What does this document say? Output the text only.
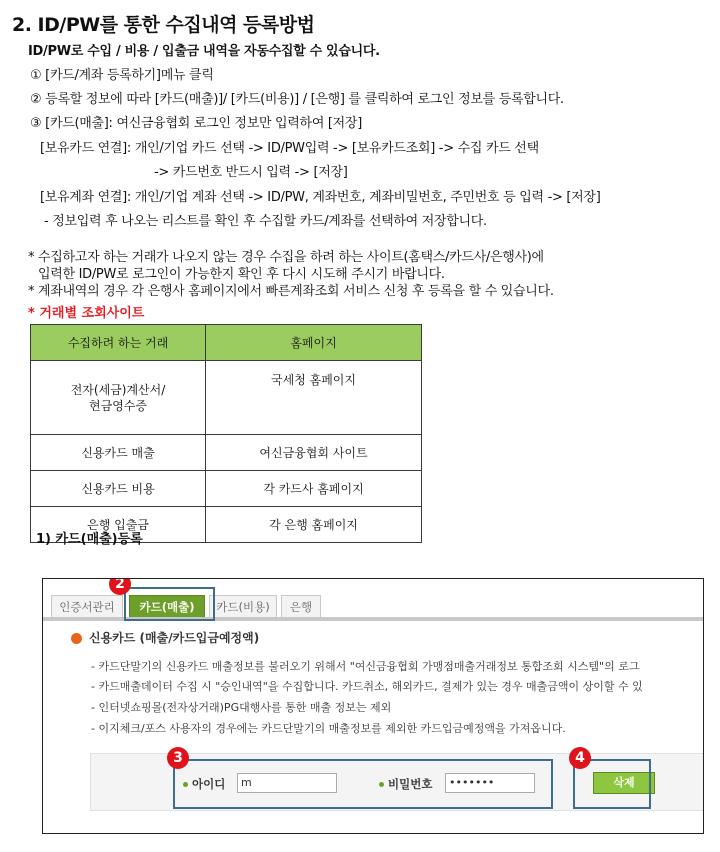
2. ID/PW를 통한 수집내역 등록방법
ID/PW로 수입 / 비용 / 입출금 내역을 자동수집할 수 있습니다.
① [카드/계좌 등록하기]메뉴 클릭
② 등록할 정보에 따라 [카드(매출)]/ [카드(비용)] / [은행] 를 클릭하여 로그인 정보를 등록합니다.
③ [카드(매출]: 여신금융협회 로그인 정보만 입력하여 [저장]
[보유카드 연결]: 개인/기업 카드 선택 -> ID/PW입력 -> [보유카드조회] -> 수집 카드 선택
-> 카드번호 반드시 입력 -> [저장]
[보유계좌 연결]: 개인/기업 계좌 선택 -> ID/PW, 계좌번호, 계좌비밀번호, 주민번호 등 입력 -> [저장]
- 정보입력 후 나오는 리스트를 확인 후 수집할 카드/계좌를 선택하여 저장합니다.
* 수집하고자 하는 거래가 나오지 않는 경우 수집을 하려 하는 사이트(홈택스/카드사/은행사)에
입력한 ID/PW로 로그인이 가능한지 확인 후 다시 시도해 주시기 바랍니다.
* 계좌내역의 경우 각 은행사 홈페이지에서 빠른계좌조회 서비스 신청 후 등록을 할 수 있습니다.
* 거래별 조회사이트
수집하려 하는 거래	홈페이지
전자(세금)계산서/
현금영수증	국세청 홈페이지
신용카드 매출	여신금융협회 사이트
신용카드 비용	각 카드사 홈페이지
은행 입출금	각 은행 홈페이지
1) 카드(매출)등록
인증서관리	카드(매출)	카드(비용)	은행
2
신용카드 (매출/카드입금예정액)
- 카드단말기의 신용카드 매출정보를 불러오기 위해서 "여신금융협회 가맹점매출거래정보 통합조회 시스템"의 로그
- 카드매출데이터 수집 시 "승인내역"을 수집합니다. 카드취소, 해외카드, 결제가 있는 경우 매출금액이 상이할 수 있
- 인터넷쇼핑몰(전자상거래)PG대행사를 통한 매출 정보는 제외
- 이지체크/포스 사용자의 경우에는 카드단말기의 매출정보를 제외한 카드입금예정액을 가져옵니다.
아이디	m	비밀번호	•••••••
3
삭제
4
